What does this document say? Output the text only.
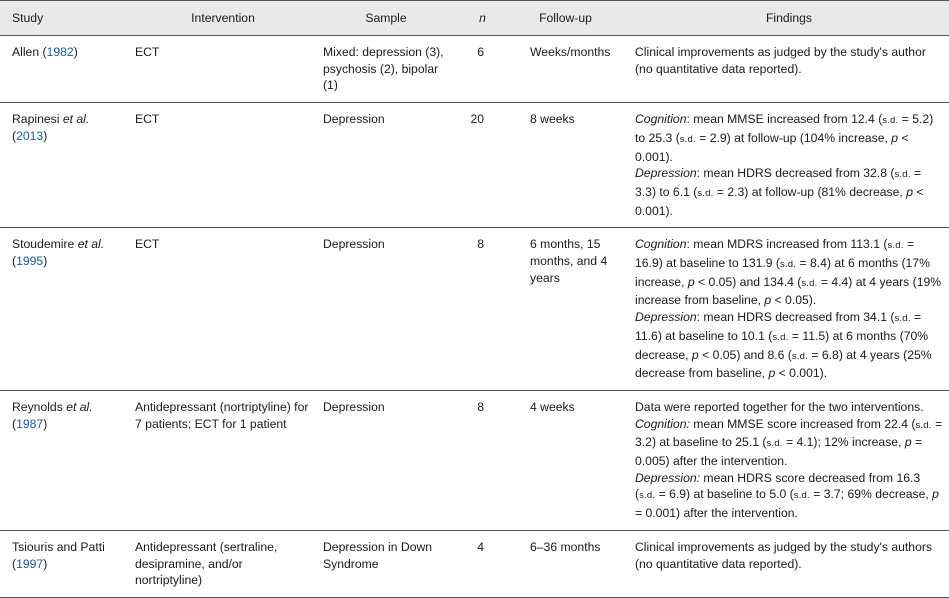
Study	Intervention	Sample	n	Follow-up	Findings
Allen (1982)	ECT	Mixed: depression (3), psychosis (2), bipolar (1)	6	Weeks/months	Clinical improvements as judged by the study's author (no quantitative data reported).
Rapinesi et al. (2013)	ECT	Depression	20	8 weeks	Cognition: mean MMSE increased from 12.4 (s.d. = 5.2) to 25.3 (s.d. = 2.9) at follow-up (104% increase, p < 0.001).
Depression: mean HDRS decreased from 32.8 (s.d. = 3.3) to 6.1 (s.d. = 2.3) at follow-up (81% decrease, p < 0.001).

Stoudemire et al. (1995)	ECT	Depression	8	6 months, 15 months, and 4 years	Cognition: mean MDRS increased from 113.1 (s.d. = 16.9) at baseline to 131.9 (s.d. = 8.4) at 6 months (17% increase, p < 0.05) and 134.4 (s.d. = 4.4) at 4 years (19% increase from baseline, p < 0.05).
Depression: mean HDRS decreased from 34.1 (s.d. = 11.6) at baseline to 10.1 (s.d. = 11.5) at 6 months (70% decrease, p < 0.05) and 8.6 (s.d. = 6.8) at 4 years (25% decrease from baseline, p < 0.001).

Reynolds et al. (1987)	Antidepressant (nortriptyline) for 7 patients; ECT for 1 patient	Depression	8	4 weeks	Data were reported together for the two interventions.
Cognition: mean MMSE score increased from 22.4 (s.d. = 3.2) at baseline to 25.1 (s.d. = 4.1); 12% increase, p = 0.005) after the intervention.
Depression: mean HDRS score decreased from 16.3 (s.d. = 6.9) at baseline to 5.0 (s.d. = 3.7; 69% decrease, p = 0.001) after the intervention.

Tsiouris and Patti (1997)	Antidepressant (sertraline, desipramine, and/or nortriptyline)	Depression in Down Syndrome	4	6–36 months	Clinical improvements as judged by the study's authors (no quantitative data reported).
